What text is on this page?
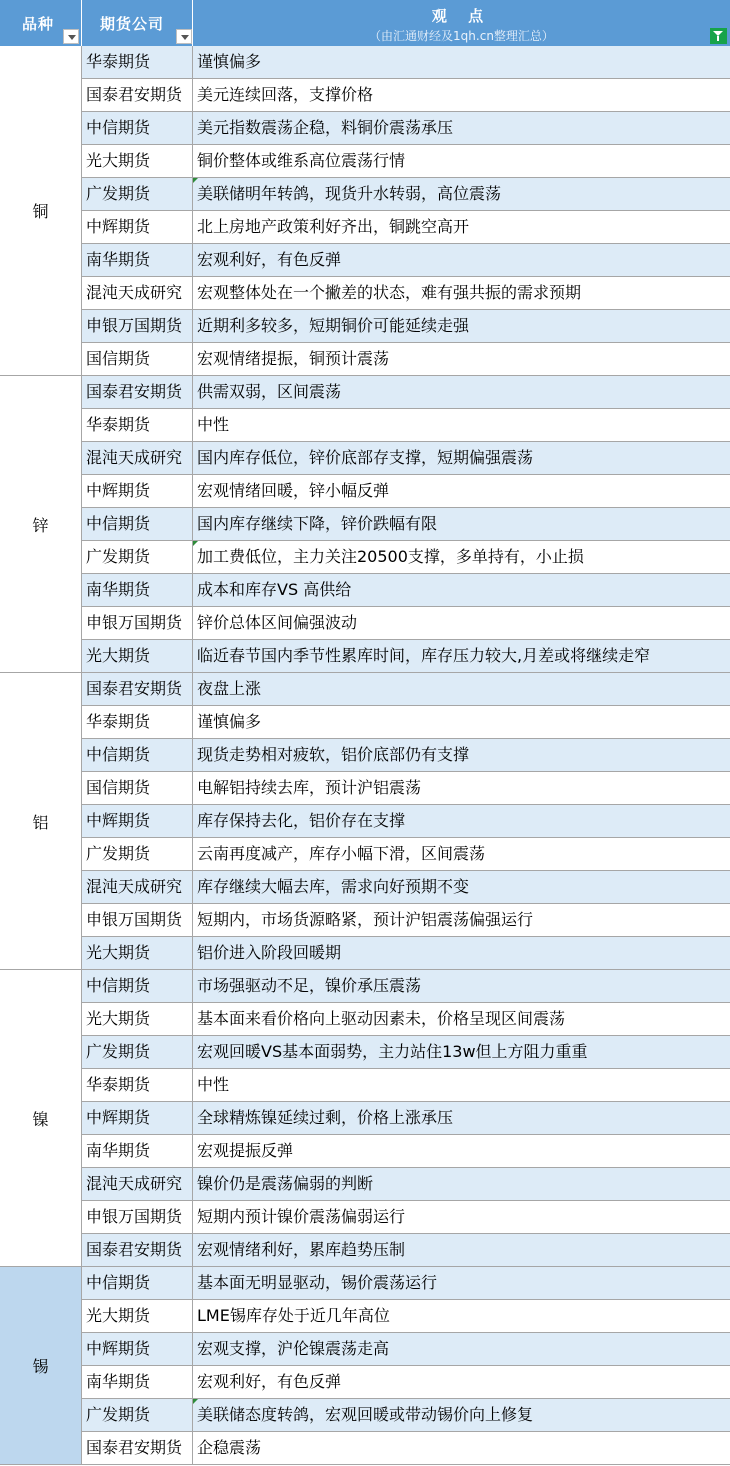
品种	期货公司	观 点
（由汇通财经及1qh.cn整理汇总）
铜
华泰期货	谨慎偏多
国泰君安期货 美元连续回落，支撑价格
中信期货	美元指数震荡企稳，料铜价震荡承压
光大期货	铜价整体或维系高位震荡行情
广发期货	美联储明年转鸽，现货升水转弱，高位震荡
中辉期货	北上房地产政策利好齐出，铜跳空高开
南华期货	宏观利好，有色反弹
混沌天成研究 宏观整体处在一个撇差的状态，难有强共振的需求预期
申银万国期货 近期利多较多，短期铜价可能延续走强
国信期货	宏观情绪提振，铜预计震荡
锌
国泰君安期货 供需双弱，区间震荡
华泰期货	中性
混沌天成研究 国内库存低位，锌价底部存支撑，短期偏强震荡
中辉期货	宏观情绪回暖，锌小幅反弹
中信期货	国内库存继续下降，锌价跌幅有限
广发期货	加工费低位，主力关注20500支撑，多单持有，小止损
南华期货	成本和库存VS 高供给
申银万国期货 锌价总体区间偏强波动
光大期货	临近春节国内季节性累库时间，库存压力较大,月差或将继续走窄
铝
国泰君安期货 夜盘上涨
华泰期货	谨慎偏多
中信期货	现货走势相对疲软，铝价底部仍有支撑
国信期货	电解铝持续去库，预计沪铝震荡
中辉期货	库存保持去化，铝价存在支撑
广发期货	云南再度减产，库存小幅下滑，区间震荡
混沌天成研究 库存继续大幅去库，需求向好预期不变
申银万国期货 短期内，市场货源略紧，预计沪铝震荡偏强运行
光大期货	铝价进入阶段回暖期
镍
中信期货	市场强驱动不足，镍价承压震荡
光大期货	基本面来看价格向上驱动因素未，价格呈现区间震荡
广发期货	宏观回暖VS基本面弱势，主力站住13w但上方阻力重重
华泰期货	中性
中辉期货	全球精炼镍延续过剩，价格上涨承压
南华期货	宏观提振反弹
混沌天成研究 镍价仍是震荡偏弱的判断
申银万国期货 短期内预计镍价震荡偏弱运行
国泰君安期货 宏观情绪利好，累库趋势压制
锡
中信期货	基本面无明显驱动，锡价震荡运行
光大期货	LME锡库存处于近几年高位
中辉期货	宏观支撑，沪伦镍震荡走高
南华期货	宏观利好，有色反弹
广发期货	美联储态度转鸽，宏观回暖或带动锡价向上修复
国泰君安期货 企稳震荡
